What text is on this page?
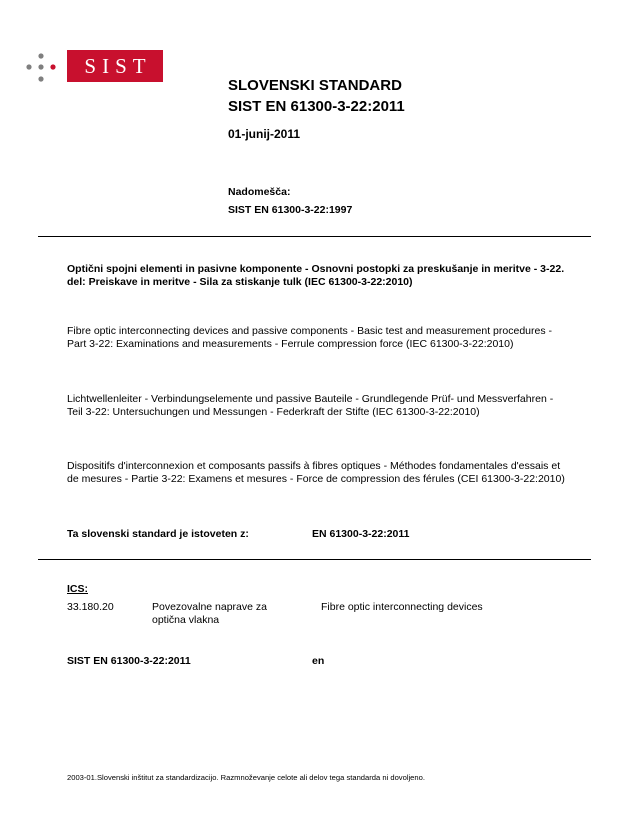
SIST
SLOVENSKI STANDARD
SIST EN 61300-3-22:2011
01-junij-2011
Nadomešča:
SIST EN 61300-3-22:1997
Optični spojni elementi in pasivne komponente - Osnovni postopki za preskušanje in meritve - 3-22. del: Preiskave in meritve - Sila za stiskanje tulk (IEC 61300-3-22:2010)
Fibre optic interconnecting devices and passive components - Basic test and measurement procedures - Part 3-22: Examinations and measurements - Ferrule compression force (IEC 61300-3-22:2010)
Lichtwellenleiter - Verbindungselemente und passive Bauteile - Grundlegende Prüf- und Messverfahren - Teil 3-22: Untersuchungen und Messungen - Federkraft der Stifte (IEC 61300-3-22:2010)
Dispositifs d'interconnexion et composants passifs à fibres optiques - Méthodes fondamentales d'essais et de mesures - Partie 3-22: Examens et mesures - Force de compression des férules (CEI 61300-3-22:2010)
Ta slovenski standard je istoveten z:	EN 61300-3-22:2011
ICS:
33.180.20	Povezovalne naprave za optična vlakna
Fibre optic interconnecting devices
SIST EN 61300-3-22:2011	en
2003-01.Slovenski inštitut za standardizacijo. Razmnoževanje celote ali delov tega standarda ni dovoljeno.
